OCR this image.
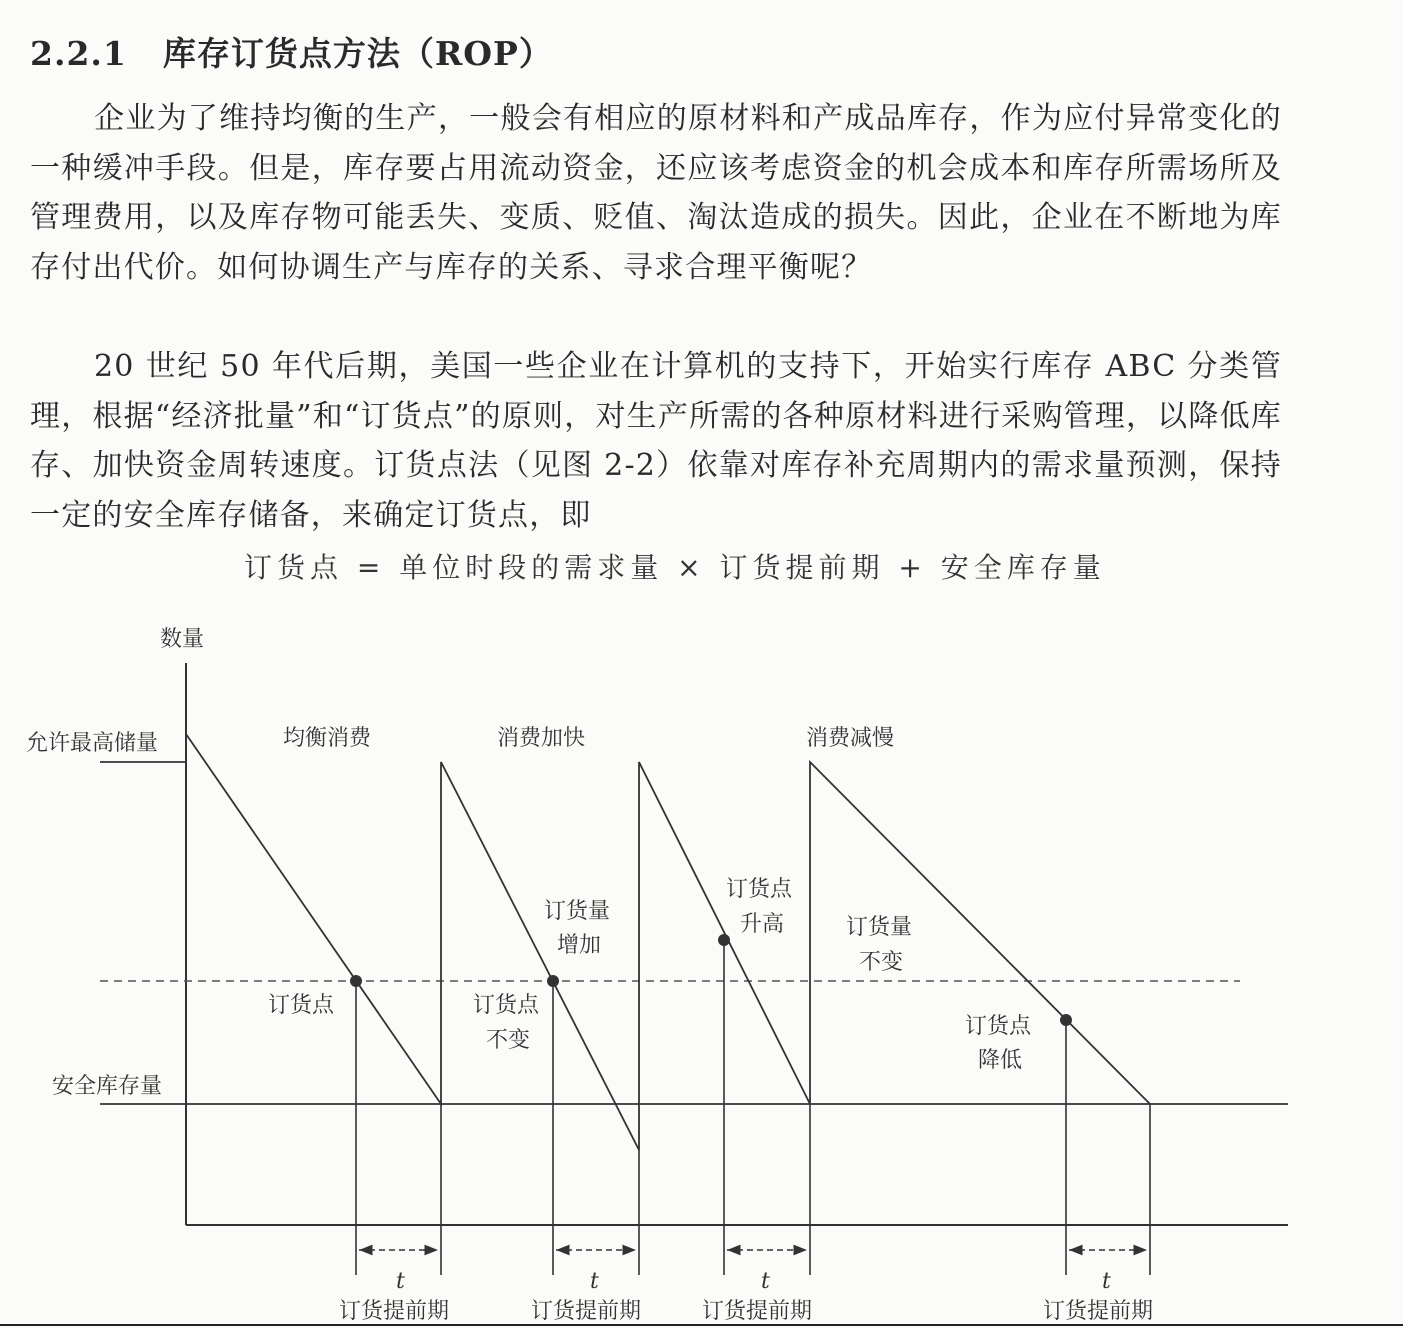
2.2.1 库存订货点方法（ROP）

企业为了维持均衡的生产，一般会有相应的原材料和产成品库存，作为应付异常变化的一种缓冲手段。但是，库存要占用流动资金，还应该考虑资金的机会成本和库存所需场所及管理费用，以及库存物可能丢失、变质、贬值、淘汰造成的损失。因此，企业在不断地为库存付出代价。如何协调生产与库存的关系、寻求合理平衡呢？

20 世纪 50 年代后期，美国一些企业在计算机的支持下，开始实行库存 ABC 分类管理，根据“经济批量”和“订货点”的原则，对生产所需的各种原材料进行采购管理，以降低库存、加快资金周转速度。订货点法（见图 2-2）依靠对库存补充周期内的需求量预测，保持一定的安全库存储备，来确定订货点，即

订货点 = 单位时段的需求量 × 订货提前期 + 安全库存量

数量
允许最高储量
安全库存量
均衡消费	消费加快	消费减慢
订货点
订货量
增加
订货点
不变
订货点
升高	订货量
不变
订货点
降低
t	t	t	t
订货提前期	订货提前期	订货提前期	订货提前期
